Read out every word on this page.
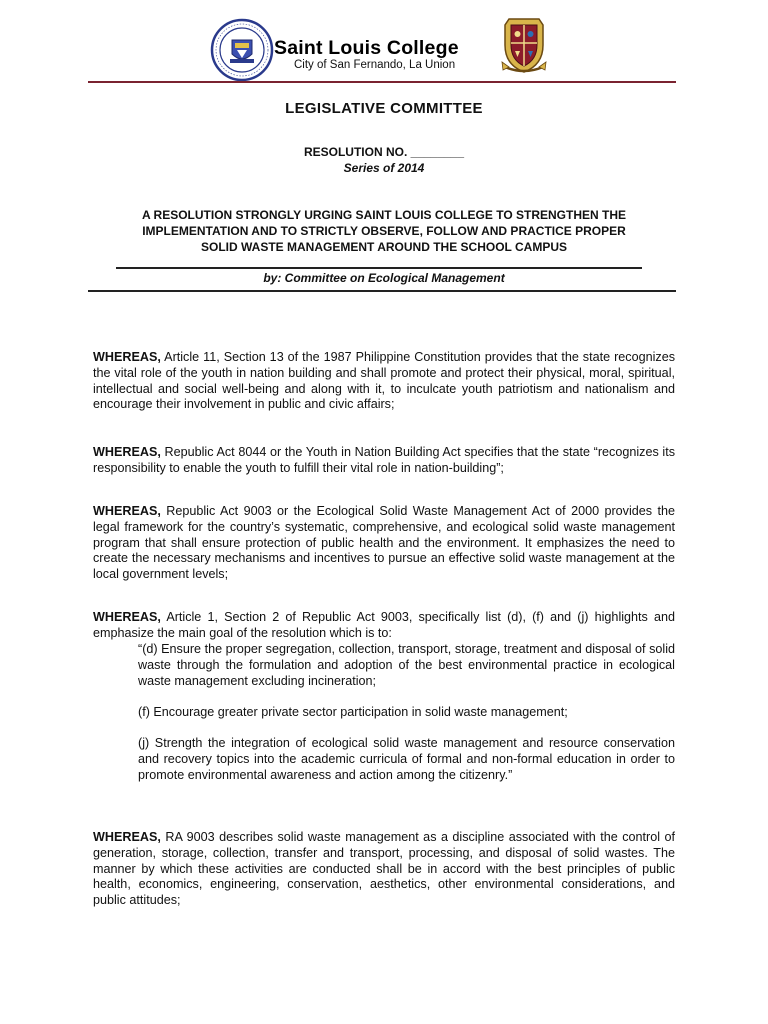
Saint Louis College
City of San Fernando, La Union
LEGISLATIVE COMMITTEE
RESOLUTION NO. ________
Series of 2014
A RESOLUTION STRONGLY URGING SAINT LOUIS COLLEGE TO STRENGTHEN THE
IMPLEMENTATION AND TO STRICTLY OBSERVE, FOLLOW AND PRACTICE PROPER
SOLID WASTE MANAGEMENT AROUND THE SCHOOL CAMPUS
by: Committee on Ecological Management

WHEREAS, Article 11, Section 13 of the 1987 Philippine Constitution provides that the state recognizes the vital role of the youth in nation building and shall promote and protect their physical, moral, spiritual, intellectual and social well-being and along with it, to inculcate youth patriotism and nationalism and encourage their involvement in public and civic affairs;

WHEREAS, Republic Act 8044 or the Youth in Nation Building Act specifies that the state “recognizes its responsibility to enable the youth to fulfill their vital role in nation-building”;

WHEREAS, Republic Act 9003 or the Ecological Solid Waste Management Act of 2000 provides the legal framework for the country’s systematic, comprehensive, and ecological solid waste management program that shall ensure protection of public health and the environment. It emphasizes the need to create the necessary mechanisms and incentives to pursue an effective solid waste management at the local government levels;

WHEREAS, Article 1, Section 2 of Republic Act 9003, specifically list (d), (f) and (j) highlights and emphasize the main goal of the resolution which is to:

“(d) Ensure the proper segregation, collection, transport, storage, treatment and disposal of solid waste through the formulation and adoption of the best environmental practice in ecological waste management excluding incineration;

(f) Encourage greater private sector participation in solid waste management;

(j) Strength the integration of ecological solid waste management and resource conservation and recovery topics into the academic curricula of formal and non-formal education in order to promote environmental awareness and action among the citizenry.”

WHEREAS, RA 9003 describes solid waste management as a discipline associated with the control of generation, storage, collection, transfer and transport, processing, and disposal of solid wastes. The manner by which these activities are conducted shall be in accord with the best principles of public health, economics, engineering, conservation, aesthetics, other environmental considerations, and public attitudes;
